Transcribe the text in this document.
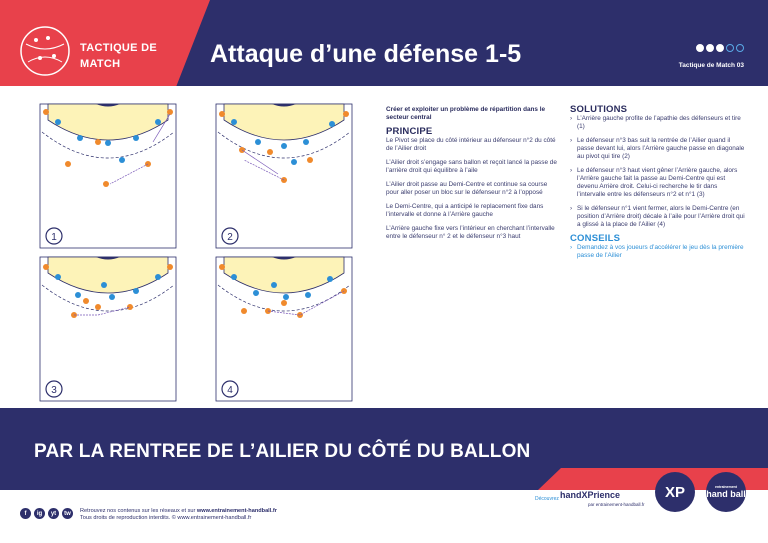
TACTIQUE DE
MATCH	Attaque d’une défense 1-5	Tactique de Match 03
1	2
3	4
Créer et exploiter un problème de répartition dans le secteur central
PRINCIPE

Le Pivot se place du côté intérieur au défenseur n°2 du côté de l’Ailier droit

L’Ailier droit s’engage sans ballon et reçoit lancé la passe de l’arrière droit qui équilibre à l’aile

L’Ailier droit passe au Demi-Centre et continue sa course pour aller poser un bloc sur le défenseur n°2 à l’opposé

Le Demi-Centre, qui a anticipé le replacement fixe dans l’intervalle et donne à l’Arrière gauche

L’Arrière gauche fixe vers l’intérieur en cherchant l’intervalle entre le défenseur n° 2 et le défenseur n°3 haut

SOLUTIONS
› L’Arrière gauche profite de l’apathie des défenseurs et tire (1)
› Le défenseur n°3 bas suit la rentrée de l’Ailier quand il passe devant lui, alors l’Arrière gauche passe en diagonale au pivot qui tire (2)
› Le défenseur n°3 haut vient gêner l’Arrière gauche, alors l’Arrière gauche fait la passe au Demi-Centre qui est devenu Arrière droit. Celui-ci recherche le tir dans l’intervalle entre les défenseurs n°2 et n°1 (3)
› Si le défenseur n°1 vient fermer, alors le Demi-Centre (en position d’Arrière droit) décale à l’aile pour l’Arrière droit qui a glissé à la place de l’Ailier (4)
CONSEILS
› Demandez à vos joueurs d’accélérer le jeu dès la première passe de l’Ailier
PAR LA RENTREE DE L’AILIER DU CÔTÉ DU BALLON
f	ig	yt	tw	Retrouvez nos contenus sur les réseaux et sur www.entrainement-handball.fr
Tous droits de reproduction interdits. © www.entrainement-handball.fr
Découvrez handXPrience
par entrainement-handball.fr
XP	entrainement
hand ball
